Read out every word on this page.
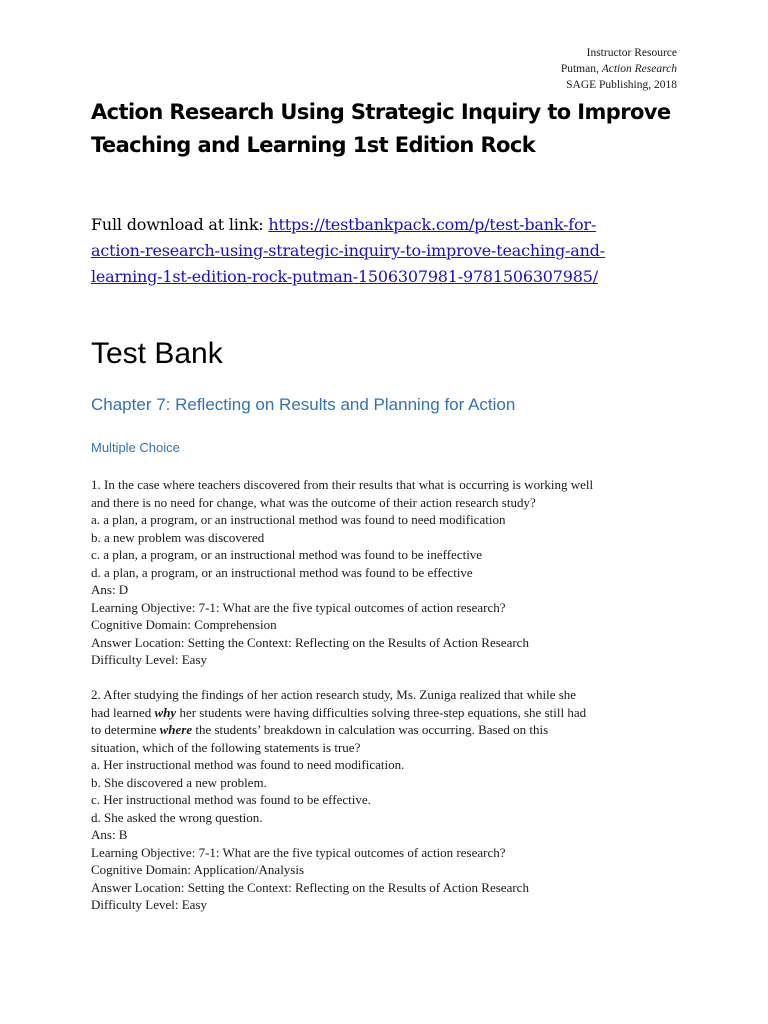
Instructor Resource
Putman, Action Research
SAGE Publishing, 2018
Action Research Using Strategic Inquiry to Improve
Teaching and Learning 1st Edition Rock
Full download at link: https://testbankpack.com/p/test-bank-for-
action-research-using-strategic-inquiry-to-improve-teaching-and-
learning-1st-edition-rock-putman-1506307981-9781506307985/
Test Bank
Chapter 7: Reflecting on Results and Planning for Action
Multiple Choice
1. In the case where teachers discovered from their results that what is occurring is working well
and there is no need for change, what was the outcome of their action research study?
a. a plan, a program, or an instructional method was found to need modification
b. a new problem was discovered
c. a plan, a program, or an instructional method was found to be ineffective
d. a plan, a program, or an instructional method was found to be effective
Ans: D
Learning Objective: 7-1: What are the five typical outcomes of action research?
Cognitive Domain: Comprehension
Answer Location: Setting the Context: Reflecting on the Results of Action Research
Difficulty Level: Easy
2. After studying the findings of her action research study, Ms. Zuniga realized that while she
had learned why her students were having difficulties solving three-step equations, she still had
to determine where the students’ breakdown in calculation was occurring. Based on this
situation, which of the following statements is true?
a. Her instructional method was found to need modification.
b. She discovered a new problem.
c. Her instructional method was found to be effective.
d. She asked the wrong question.
Ans: B
Learning Objective: 7-1: What are the five typical outcomes of action research?
Cognitive Domain: Application/Analysis
Answer Location: Setting the Context: Reflecting on the Results of Action Research
Difficulty Level: Easy
